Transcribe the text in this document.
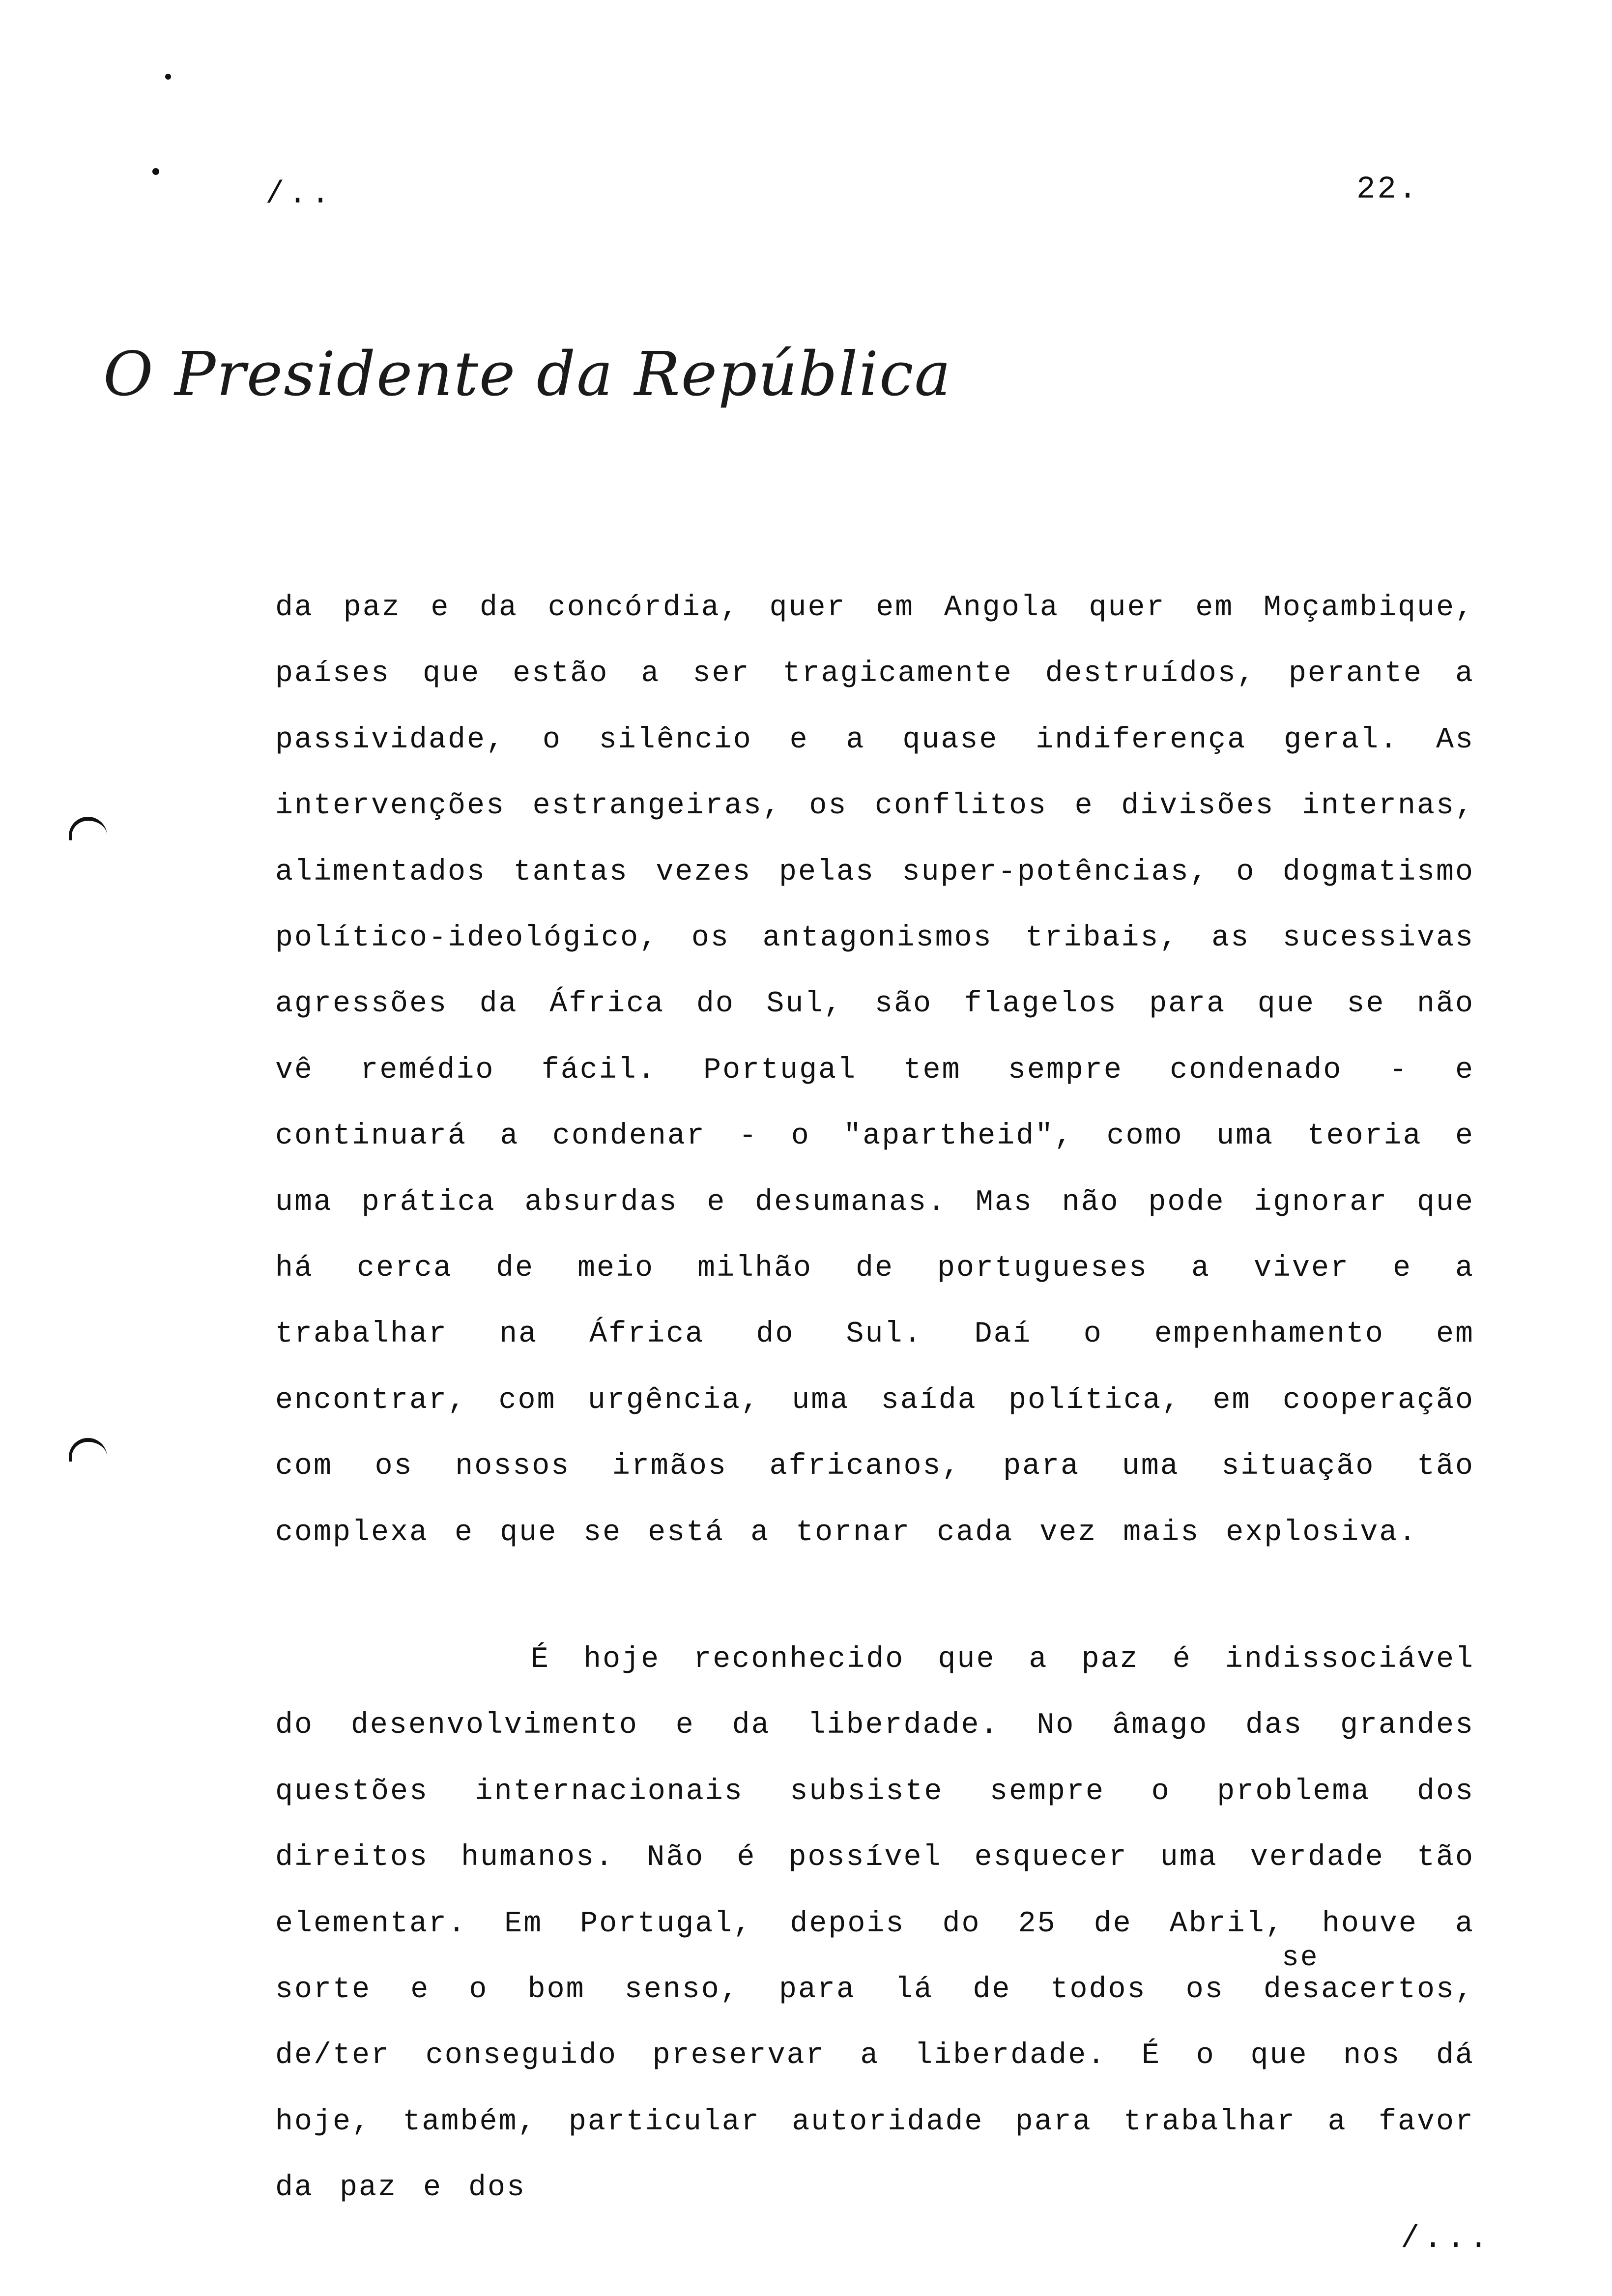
/..	22.
O Presidente da República
da paz e da concórdia, quer em Angola quer em Moçambique, países que estão a ser tragicamente destruídos, perante a passividade, o silêncio e a quase indiferença geral. As intervenções estrangeiras, os conflitos e divisões internas, alimentados tantas vezes pelas super-potências, o dogmatismo político-ideológico, os antagonismos tribais, as sucessivas agressões da África do Sul, são flagelos para que se não vê remédio fácil. Portugal tem sempre condenado - e continuará a condenar - o "apartheid", como uma teoria e uma prática absurdas e desumanas. Mas não pode ignorar que há cerca de meio milhão de portugueses a viver e a trabalhar na África do Sul. Daí o empenhamento em encontrar, com urgência, uma saída política, em cooperação com os nossos irmãos africanos, para uma situação tão complexa e que se está a tornar cada vez mais explosiva.
se
É hoje reconhecido que a paz é indissociável do desenvolvimento e da liberdade. No âmago das grandes questões internacionais subsiste sempre o problema dos direitos humanos. Não é possível esquecer uma verdade tão elementar. Em Portugal, depois do 25 de Abril, houve a sorte e o bom senso, para lá de todos os desacertos, de/ter conseguido preservar a liberdade. É o que nos dá hoje, também, particular autoridade para trabalhar a favor da paz e dos
/...
